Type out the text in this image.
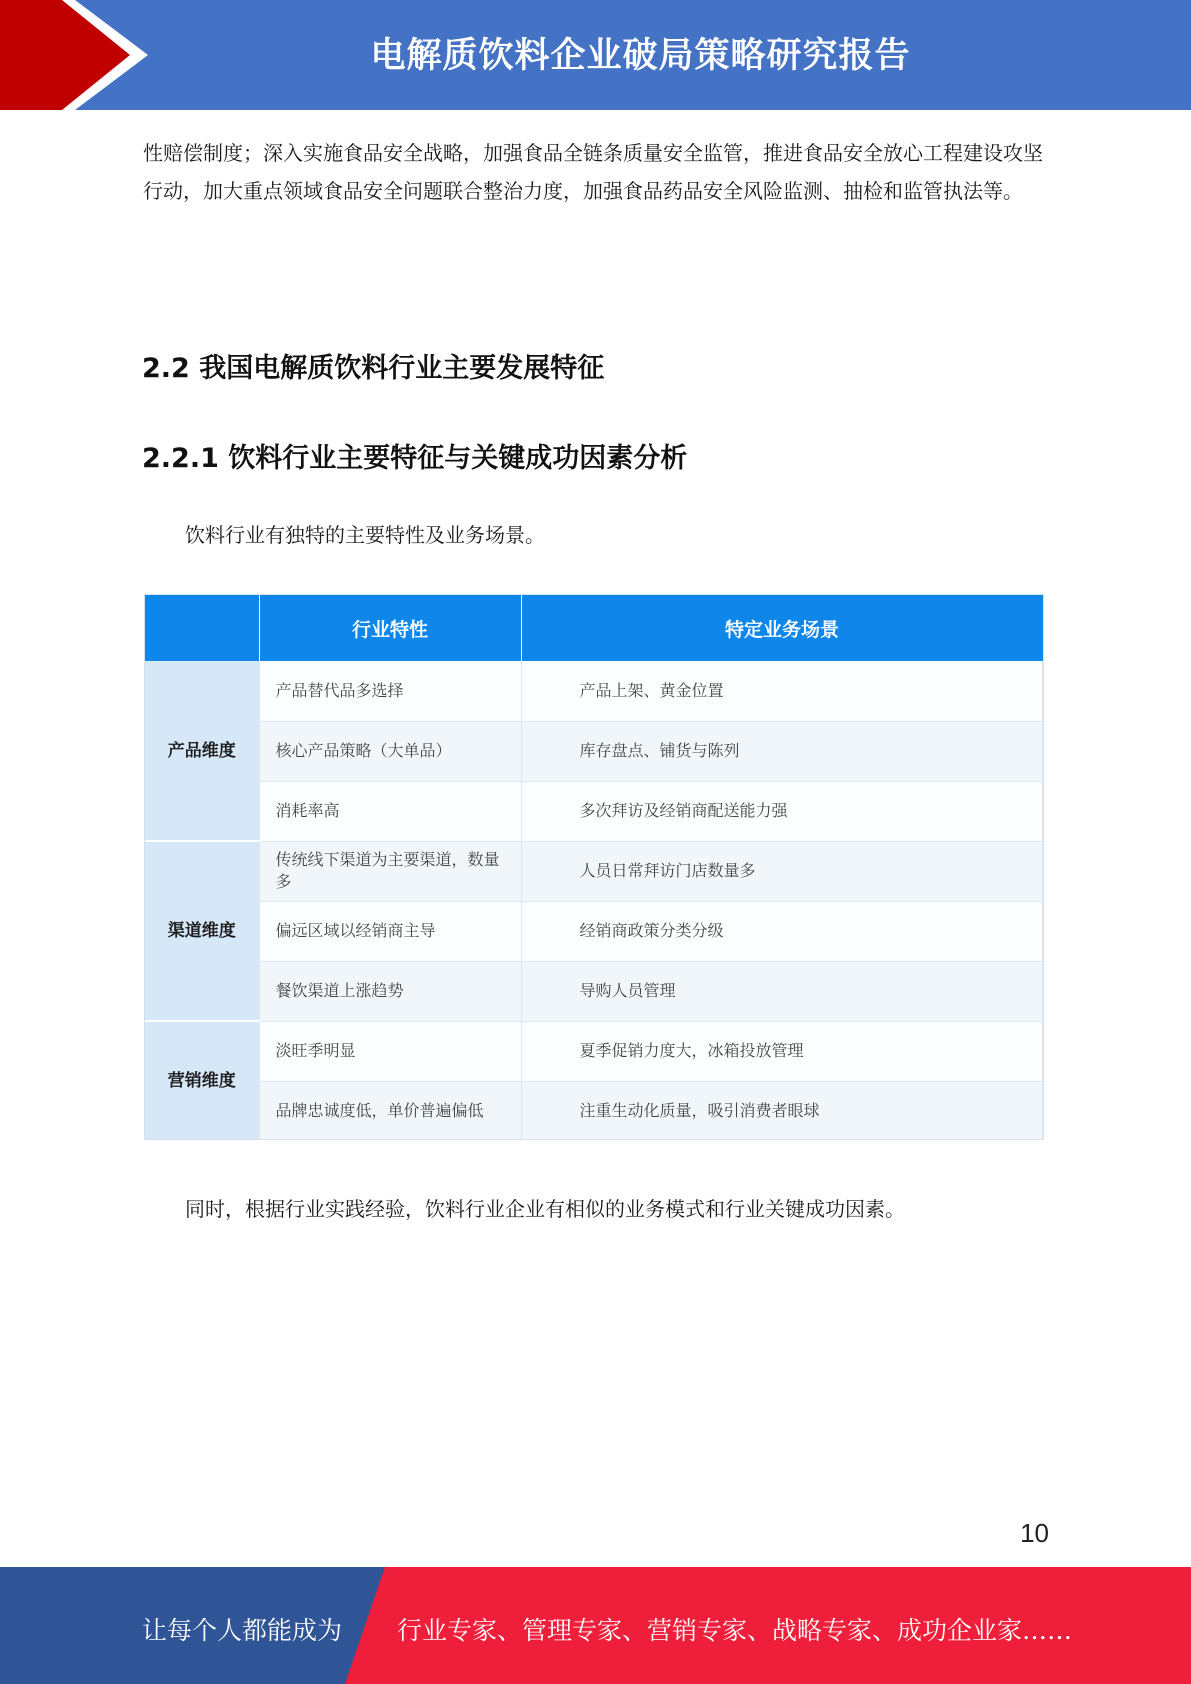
电解质饮料企业破局策略研究报告
性赔偿制度；深入实施食品安全战略，加强食品全链条质量安全监管，推进食品安全放心工程建设攻坚行动，加大重点领域食品安全问题联合整治力度，加强食品药品安全风险监测、抽检和监管执法等。
2.2 我国电解质饮料行业主要发展特征
2.2.1 饮料行业主要特征与关键成功因素分析
饮料行业有独特的主要特性及业务场景。
	行业特性	特定业务场景
产品维度	产品替代品多选择	产品上架、黄金位置
	核心产品策略（大单品）	库存盘点、铺货与陈列
	消耗率高	多次拜访及经销商配送能力强
渠道维度	传统线下渠道为主要渠道，数量多	人员日常拜访门店数量多
	偏远区域以经销商主导	经销商政策分类分级
	餐饮渠道上涨趋势	导购人员管理
营销维度	淡旺季明显	夏季促销力度大，冰箱投放管理
	品牌忠诚度低，单价普遍偏低	注重生动化质量，吸引消费者眼球
同时，根据行业实践经验，饮料行业企业有相似的业务模式和行业关键成功因素。
10
让每个人都能成为 行业专家、管理专家、营销专家、战略专家、成功企业家……
